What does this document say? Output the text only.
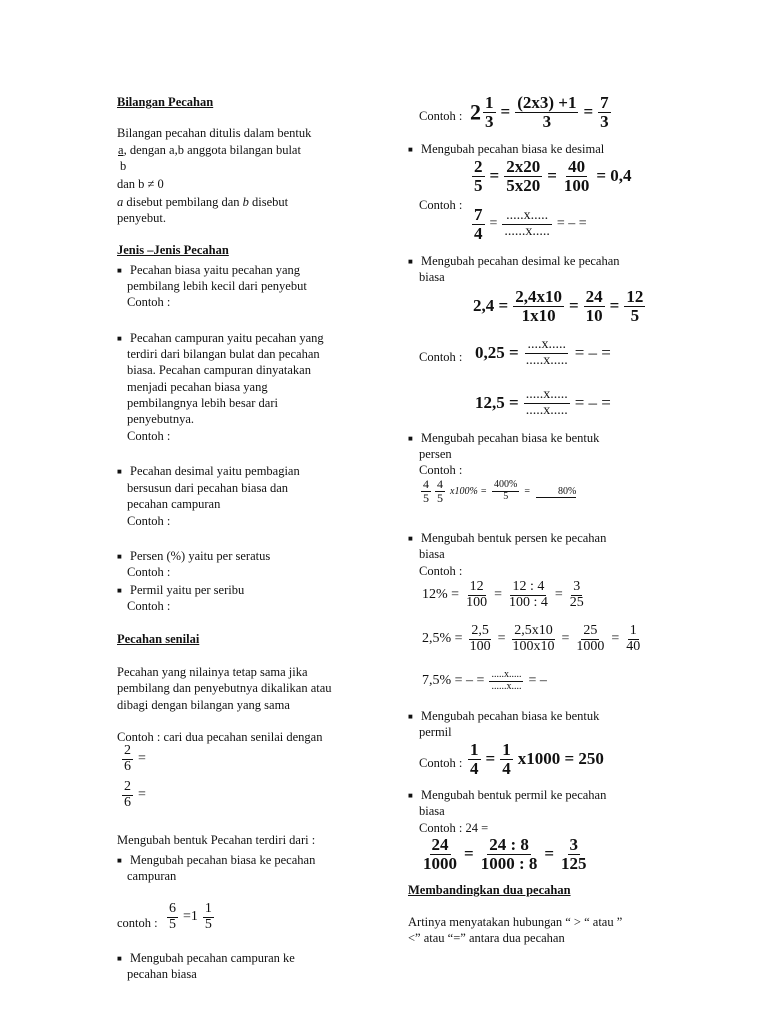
Bilangan Pecahan
Bilangan pecahan ditulis dalam bentuk
a, dengan a,b anggota bilangan bulat
b
dan b ≠ 0
a disebut pembilang dan b disebut
penyebut.
Jenis –Jenis Pecahan
■ Pecahan biasa yaitu pecahan yang
pembilang lebih kecil dari penyebut
Contoh :
■ Pecahan campuran yaitu pecahan yang
terdiri dari bilangan bulat dan pecahan
biasa. Pecahan campuran dinyatakan
menjadi pecahan biasa yang
pembilangnya lebih besar dari
penyebutnya.
Contoh :
■ Pecahan desimal yaitu pembagian
bersusun dari pecahan biasa dan
pecahan campuran
Contoh :
■ Persen (%) yaitu per seratus
Contoh :
■ Permil yaitu per seribu
Contoh :
Pecahan senilai
Pecahan yang nilainya tetap sama jika
pembilang dan penyebutnya dikalikan atau
dibagi dengan bilangan yang sama
Contoh : cari dua pecahan senilai dengan
$\frac{2}{6}$ =
$\frac{2}{6}$ =
Mengubah bentuk Pecahan terdiri dari :
■ Mengubah pecahan biasa ke pecahan
campuran
contoh : $\frac{6}{5} =1 \frac{1}{5}$
■ Mengubah pecahan campuran ke
pecahan biasa
Contoh : $2 \frac{1}{3} = \frac{(2x3) +1}{3} = \frac{7}{3}$
■ Mengubah pecahan biasa ke desimal
$\frac{2}{5} = \frac{2x20}{5x20} = \frac{40}{100} = 0,4$
Contoh :
$\frac{7}{4} = \frac{.....x.....}{......x.....}$ = – =
■ Mengubah pecahan desimal ke pecahan
biasa
$2,4 = \frac{2,4x10}{1x10} = \frac{24}{10} = \frac{12}{5}$
Contoh : $0,25 = \frac{....x.....}{.....x.....}$ = – =
$12,5 = \frac{.....x.....}{.....x.....}$ = – =
■ Mengubah pecahan biasa ke bentuk
persen
Contoh :
$\frac{4}{5} \frac{4}{5} x100\% = \frac{400\%}{5}$ =	80%
■ Mengubah bentuk persen ke pecahan
biasa
Contoh :
$12\% = \frac{12}{100} = \frac{12 : 4}{100 : 4} = \frac{3}{25}$
$2,5\% = \frac{2,5}{100} = \frac{2,5x10}{100x10} = \frac{25}{1000} = \frac{1}{40}$
7,5% = – = $\frac{.....x.....}{......x....}$ = –
■ Mengubah pecahan biasa ke bentuk
permil
Contoh : $\frac{1}{4} = \frac{1}{4} x1000 = 250$
■ Mengubah bentuk permil ke pecahan
biasa
Contoh : 24 =
$\frac{24}{1000} = \frac{24 : 8}{1000 : 8} = \frac{3}{125}$
Membandingkan dua pecahan
Artinya menyatakan hubungan “ > “ atau ”
<” atau “=” antara dua pecahan
